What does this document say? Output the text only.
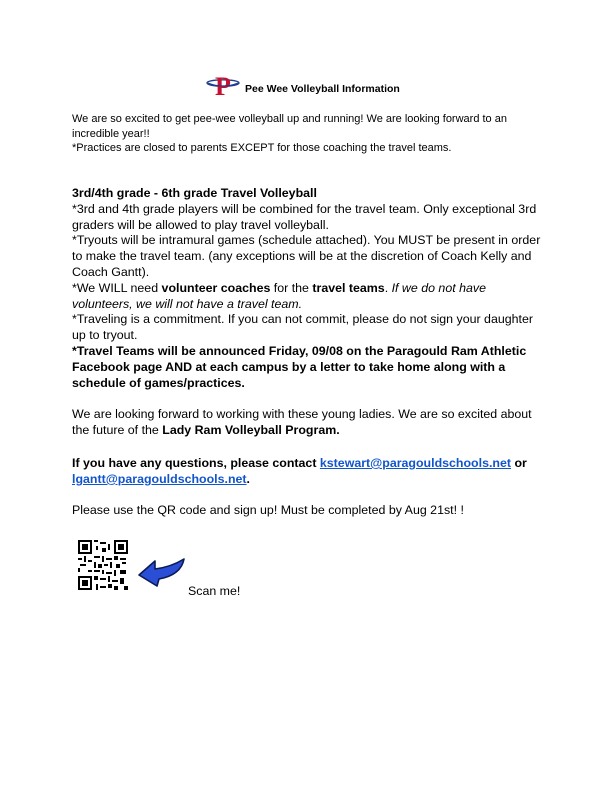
P Pee Wee Volleyball Information

We are so excited to get pee-wee volleyball up and running! We are looking forward to an incredible year!!

*Practices are closed to parents EXCEPT for those coaching the travel teams.

3rd/4th grade - 6th grade Travel Volleyball

*3rd and 4th grade players will be combined for the travel team. Only exceptional 3rd graders will be allowed to play travel volleyball.

*Tryouts will be intramural games (schedule attached). You MUST be present in order to make the travel team. (any exceptions will be at the discretion of Coach Kelly and Coach Gantt).

*We WILL need volunteer coaches for the travel teams. If we do not have volunteers, we will not have a travel team.

*Traveling is a commitment. If you can not commit, please do not sign your daughter up to tryout.

*Travel Teams will be announced Friday, 09/08 on the Paragould Ram Athletic Facebook page AND at each campus by a letter to take home along with a schedule of games/practices.

We are looking forward to working with these young ladies. We are so excited about the future of the Lady Ram Volleyball Program.

If you have any questions, please contact kstewart@paragouldschools.net or lgantt@paragouldschools.net.

Please use the QR code and sign up! Must be completed by Aug 21st! !
Scan me!
